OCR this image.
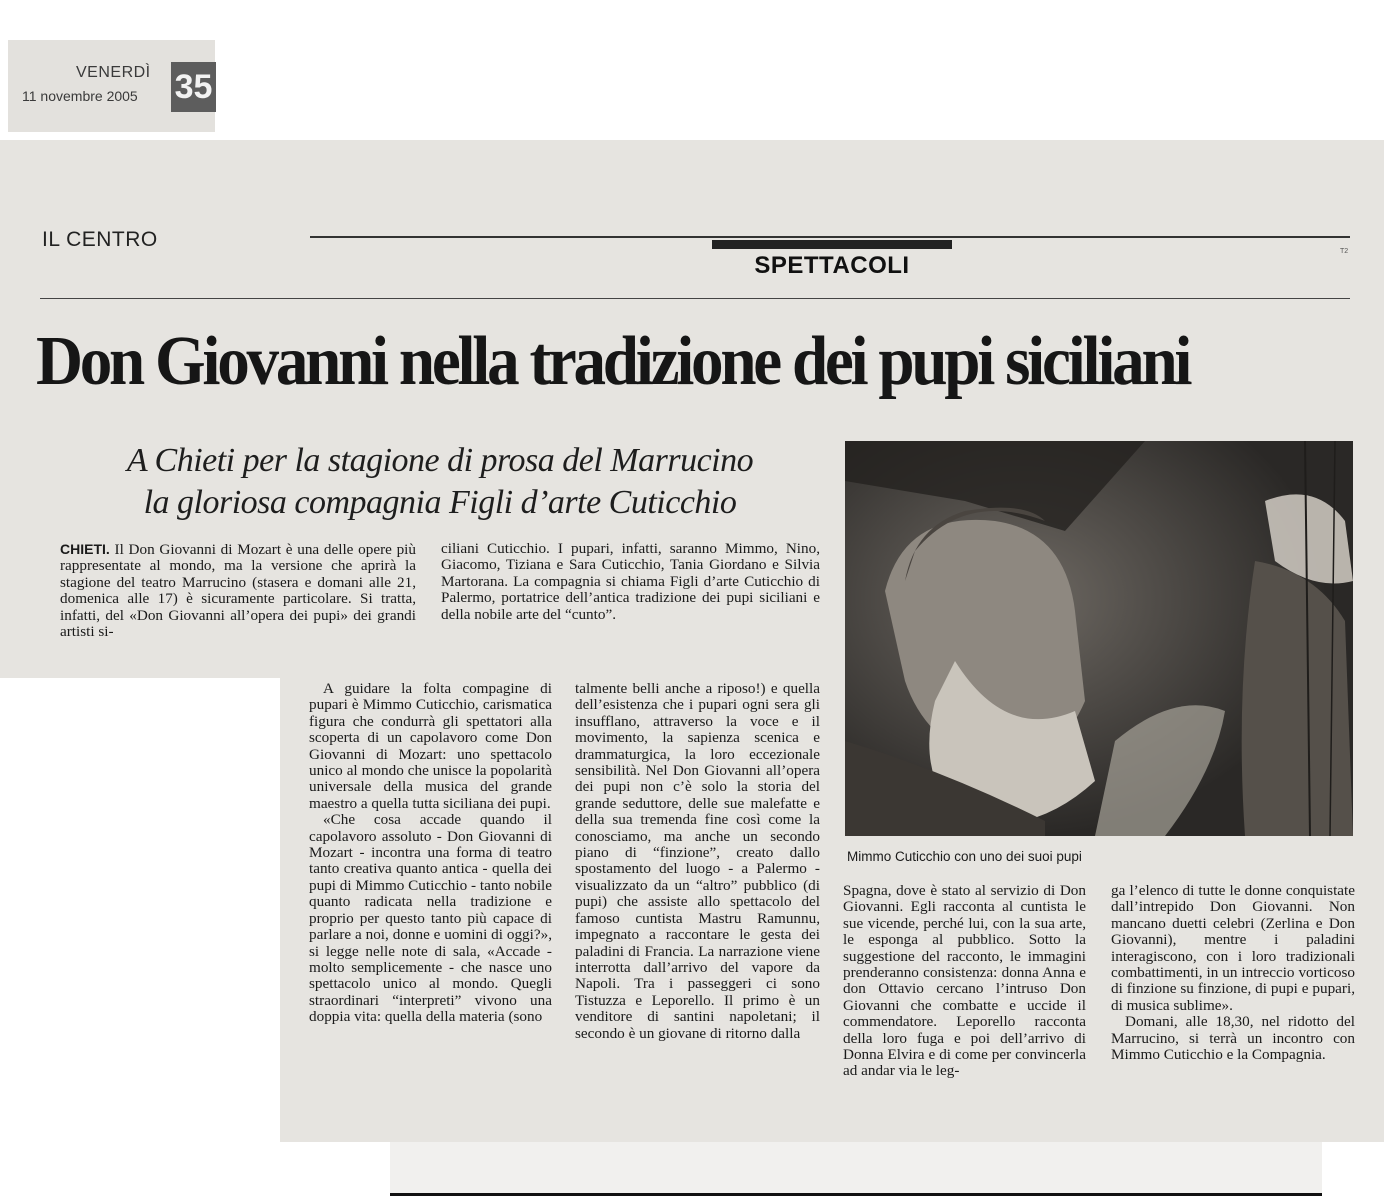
VENERDÌ
11 novembre 2005 35
IL CENTRO
SPETTACOLI
T2
Don Giovanni nella tradizione dei pupi siciliani
A Chieti per la stagione di prosa del Marrucino
la gloriosa compagnia Figli d’arte Cuticchio

CHIETI. Il Don Giovanni di Mozart è una delle opere più rappresentate al mondo, ma la versione che aprirà la stagione del teatro Marrucino (stasera e domani alle 21, domenica alle 17) è sicuramente particolare. Si tratta, infatti, del «Don Giovanni all’opera dei pupi» dei grandi artisti si-

ciliani Cuticchio. I pupari, infatti, saranno Mimmo, Nino, Giacomo, Tiziana e Sara Cuticchio, Tania Giordano e Silvia Martorana. La compagnia si chiama Figli d’arte Cuticchio di Palermo, portatrice dell’antica tradizione dei pupi siciliani e della nobile arte del “cunto”.

A guidare la folta compagine di pupari è Mimmo Cuticchio, carismatica figura che condurrà gli spettatori alla scoperta di un capolavoro come Don Giovanni di Mozart: uno spettacolo unico al mondo che unisce la popolarità universale della musica del grande maestro a quella tutta siciliana dei pupi.

«Che cosa accade quando il capolavoro assoluto - Don Giovanni di Mozart - incontra una forma di teatro tanto creativa quanto antica - quella dei pupi di Mimmo Cuticchio - tanto nobile quanto radicata nella tradizione e proprio per questo tanto più capace di parlare a noi, donne e uomini di oggi?», si legge nelle note di sala, «Accade - molto semplicemente - che nasce uno spettacolo unico al mondo. Quegli straordinari “interpreti” vivono una doppia vita: quella della materia (sono

talmente belli anche a riposo!) e quella dell’esistenza che i pupari ogni sera gli insufflano, attraverso la voce e il movimento, la sapienza scenica e drammaturgica, la loro eccezionale sensibilità. Nel Don Giovanni all’opera dei pupi non c’è solo la storia del grande seduttore, delle sue malefatte e della sua tremenda fine così come la conosciamo, ma anche un secondo piano di “finzione”, creato dallo spostamento del luogo - a Palermo - visualizzato da un “altro” pubblico (di pupi) che assiste allo spettacolo del famoso cuntista Mastru Ramunnu, impegnato a raccontare le gesta dei paladini di Francia. La narrazione viene interrotta dall’arrivo del vapore da Napoli. Tra i passeggeri ci sono Tistuzza e Leporello. Il primo è un venditore di santini napoletani; il secondo è un giovane di ritorno dalla

Spagna, dove è stato al servizio di Don Giovanni. Egli racconta al cuntista le sue vicende, perché lui, con la sua arte, le esponga al pubblico. Sotto la suggestione del racconto, le immagini prenderanno consistenza: donna Anna e don Ottavio cercano l’intruso Don Giovanni che combatte e uccide il commendatore. Leporello racconta della loro fuga e poi dell’arrivo di Donna Elvira e di come per convincerla ad andar via le leg-

ga l’elenco di tutte le donne conquistate dall’intrepido Don Giovanni. Non mancano duetti celebri (Zerlina e Don Giovanni), mentre i paladini interagiscono, con i loro tradizionali combattimenti, in un intreccio vorticoso di finzione su finzione, di pupi e pupari, di musica sublime».

Domani, alle 18,30, nel ridotto del Marrucino, si terrà un incontro con Mimmo Cuticchio e la Compagnia.

Mimmo Cuticchio con uno dei suoi pupi
